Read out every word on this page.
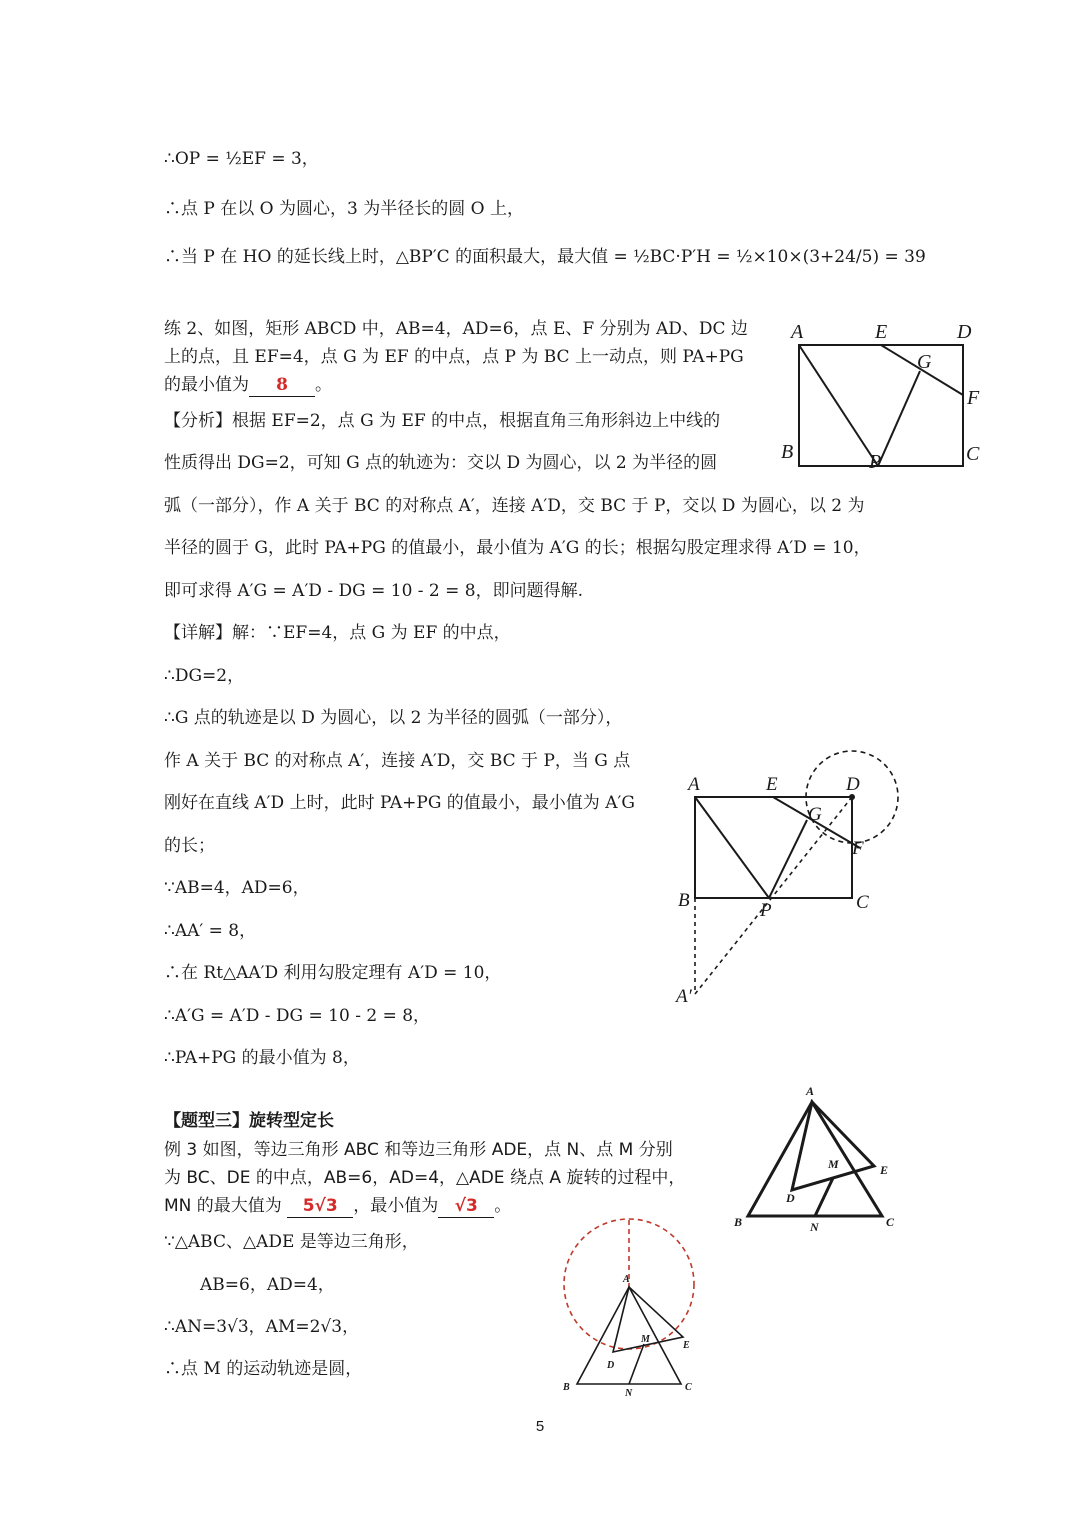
∴OP = ½EF = 3，
∴点 P 在以 O 为圆心，3 为半径长的圆 O 上，
∴当 P 在 HO 的延长线上时，△BP′C 的面积最大，最大值 = ½BC·P′H = ½×10×(3+24/5) = 39
练 2、如图，矩形 ABCD 中，AB=4，AD=6，点 E、F 分别为 AD、DC 边
上的点，且 EF=4，点 G 为 EF 的中点，点 P 为 BC 上一动点，则 PA+PG
的最小值为 8 。
【分析】根据 EF=2，点 G 为 EF 的中点，根据直角三角形斜边上中线的
性质得出 DG=2，可知 G 点的轨迹为：交以 D 为圆心，以 2 为半径的圆
弧（一部分），作 A 关于 BC 的对称点 A′，连接 A′D，交 BC 于 P，交以 D 为圆心，以 2 为
半径的圆于 G，此时 PA+PG 的值最小，最小值为 A′G 的长；根据勾股定理求得 A′D = 10，
即可求得 A′G = A′D - DG = 10 - 2 = 8，即问题得解.
【详解】解：∵EF=4，点 G 为 EF 的中点，
∴DG=2，
∴G 点的轨迹是以 D 为圆心，以 2 为半径的圆弧（一部分），
作 A 关于 BC 的对称点 A′，连接 A′D，交 BC 于 P，当 G 点
刚好在直线 A′D 上时，此时 PA+PG 的值最小，最小值为 A′G
的长；
∵AB=4，AD=6，
∴AA′ = 8，
∴在 Rt△AA′D 利用勾股定理有 A′D = 10，
∴A′G = A′D - DG = 10 - 2 = 8，
∴PA+PG 的最小值为 8，
【题型三】旋转型定长
例 3 如图，等边三角形 ABC 和等边三角形 ADE，点 N、点 M 分别
为 BC、DE 的中点，AB=6，AD=4，△ADE 绕点 A 旋转的过程中，
MN 的最大值为 5√3 ，最小值为 √3 。
∵△ABC、△ADE 是等边三角形，
AB=6，AD=4，
∴AN=3√3，AM=2√3，
∴点 M 的运动轨迹是圆，
A	E	D
G
F
B	P	C
A	E	D
G
F
B	P	C
A′
A
E
M
D
B	N	C
A
E
M
D
B
N
C
5
